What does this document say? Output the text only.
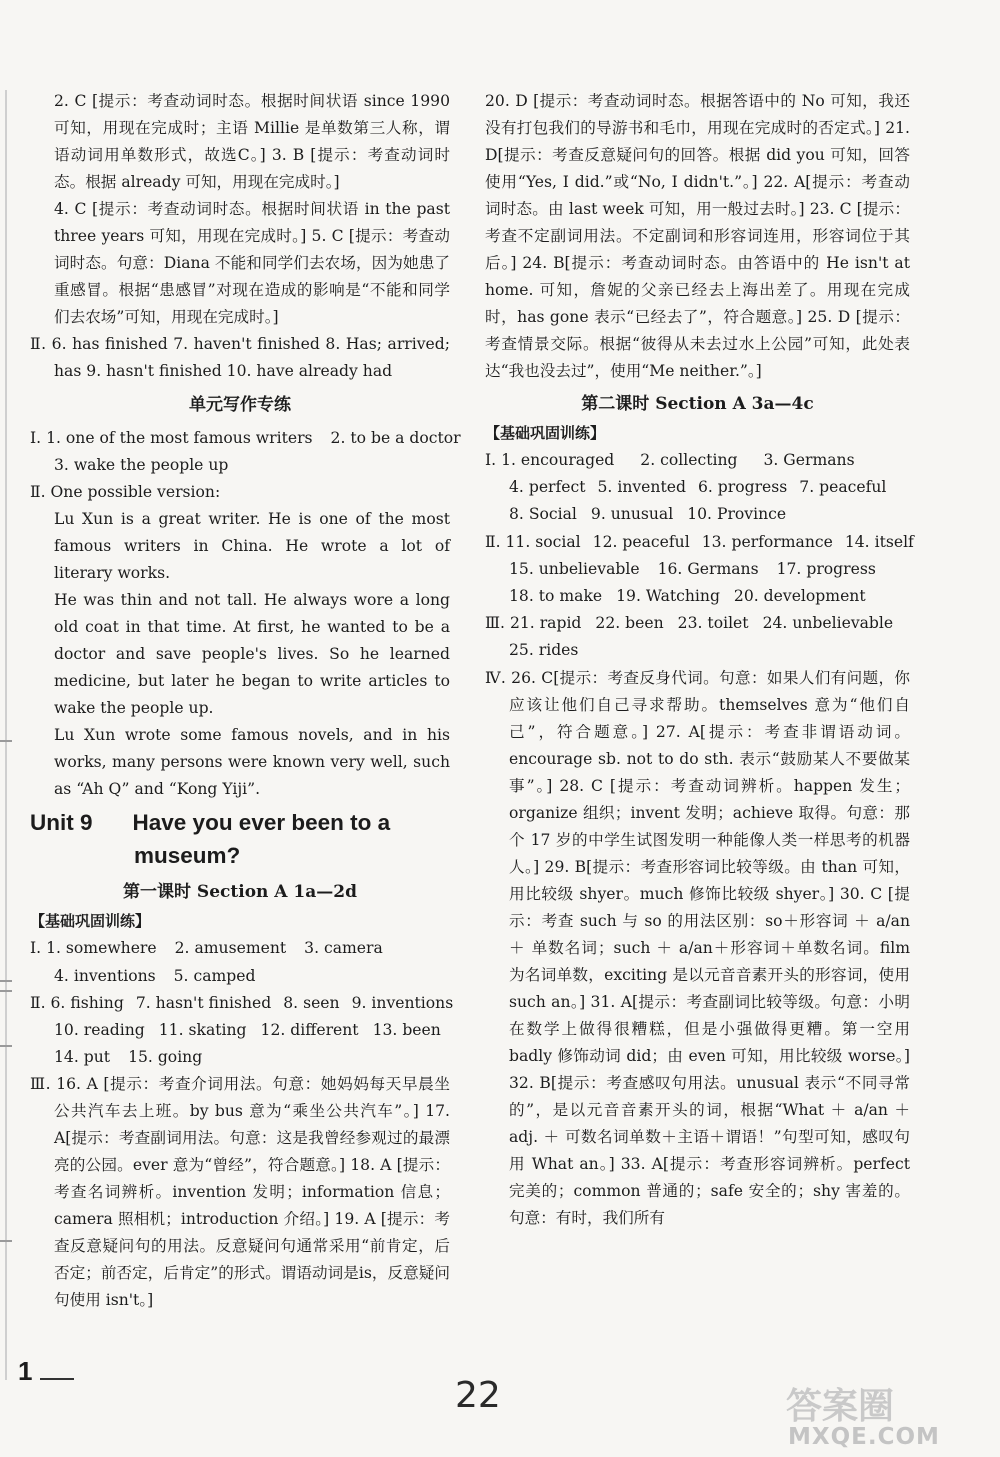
2. C [提示：考查动词时态。根据时间状语 since 1990 可知，用现在完成时；主语 Millie 是单数第三人称，谓语动词用单数形式，故选C。] 3. B [提示：考查动词时态。根据 already 可知，用现在完成时。]

4. C [提示：考查动词时态。根据时间状语 in the past three years 可知，用现在完成时。] 5. C [提示：考查动词时态。句意：Diana 不能和同学们去农场，因为她患了重感冒。根据“患感冒”对现在造成的影响是“不能和同学们去农场”可知，用现在完成时。]

Ⅱ. 6. has finished 7. haven't finished 8. Has; arrived; has 9. hasn't finished 10. have already had

单元写作专练
Ⅰ. 1. one of the most famous writers 2. to be a doctor
3. wake the people up

Ⅱ. One possible version:

Lu Xun is a great writer. He is one of the most famous writers in China. He wrote a lot of literary works.

He was thin and not tall. He always wore a long old coat in that time. At first, he wanted to be a doctor and save people's lives. So he learned medicine, but later he began to write articles to wake the people up.

Lu Xun wrote some famous novels, and in his works, many persons were known very well, such as “Ah Q” and “Kong Yiji”.

Unit 9 Have you ever been to a
museum?
第一课时 Section A 1a—2d
【基础巩固训练】
Ⅰ. 1. somewhere 2. amusement 3. camera
4. inventions 5. camped
Ⅱ. 6. fishing 7. hasn't finished 8. seen 9. inventions
10. reading 11. skating 12. different 13. been
14. put 15. going

Ⅲ. 16. A [提示：考查介词用法。句意：她妈妈每天早晨坐公共汽车去上班。by bus 意为“乘坐公共汽车”。] 17. A[提示：考查副词用法。句意：这是我曾经参观过的最漂亮的公园。ever 意为“曾经”，符合题意。] 18. A [提示：考查名词辨析。invention 发明；information 信息；camera 照相机；introduction 介绍。] 19. A [提示：考查反意疑问句的用法。反意疑问句通常采用“前肯定，后否定；前否定，后肯定”的形式。谓语动词是is，反意疑问句使用 isn't。]

20. D [提示：考查动词时态。根据答语中的 No 可知，我还没有打包我们的导游书和毛巾，用现在完成时的否定式。] 21. D[提示：考查反意疑问句的回答。根据 did you 可知，回答使用“Yes, I did.”或“No, I didn't.”。] 22. A[提示：考查动词时态。由 last week 可知，用一般过去时。] 23. C [提示：考查不定副词用法。不定副词和形容词连用，形容词位于其后。] 24. B[提示：考查动词时态。由答语中的 He isn't at home. 可知，詹妮的父亲已经去上海出差了。用现在完成时，has gone 表示“已经去了”，符合题意。] 25. D [提示：考查情景交际。根据“彼得从未去过水上公园”可知，此处表达“我也没去过”，使用“Me neither.”。]

第二课时 Section A 3a—4c
【基础巩固训练】
Ⅰ. 1. encouraged 2. collecting 3. Germans
4. perfect 5. invented 6. progress 7. peaceful
8. Social 9. unusual 10. Province
Ⅱ. 11. social 12. peaceful 13. performance 14. itself
15. unbelievable 16. Germans 17. progress
18. to make 19. Watching 20. development
Ⅲ. 21. rapid 22. been 23. toilet 24. unbelievable
25. rides

Ⅳ. 26. C[提示：考查反身代词。句意：如果人们有问题，你应该让他们自己寻求帮助。themselves 意为“他们自己”，符合题意。] 27. A[提示：考查非谓语动词。encourage sb. not to do sth. 表示“鼓励某人不要做某事”。] 28. C [提示：考查动词辨析。happen 发生；organize 组织；invent 发明；achieve 取得。句意：那个 17 岁的中学生试图发明一种能像人类一样思考的机器人。] 29. B[提示：考查形容词比较等级。由 than 可知，用比较级 shyer。much 修饰比较级 shyer。] 30. C [提示：考查 such 与 so 的用法区别：so＋形容词 ＋ a/an ＋ 单数名词；such ＋ a/an＋形容词＋单数名词。film 为名词单数，exciting 是以元音音素开头的形容词，使用 such an。] 31. A[提示：考查副词比较等级。句意：小明在数学上做得很糟糕，但是小强做得更糟。第一空用 badly 修饰动词 did；由 even 可知，用比较级 worse。] 32. B[提示：考查感叹句用法。unusual 表示“不同寻常的”，是以元音音素开头的词，根据“What ＋ a/an ＋ adj. ＋ 可数名词单数＋主语＋谓语！”句型可知，感叹句用 What an。] 33. A[提示：考查形容词辨析。perfect 完美的；common 普通的；safe 安全的；shy 害羞的。句意：有时，我们所有

1
22	答案圈
MXQE.COM
